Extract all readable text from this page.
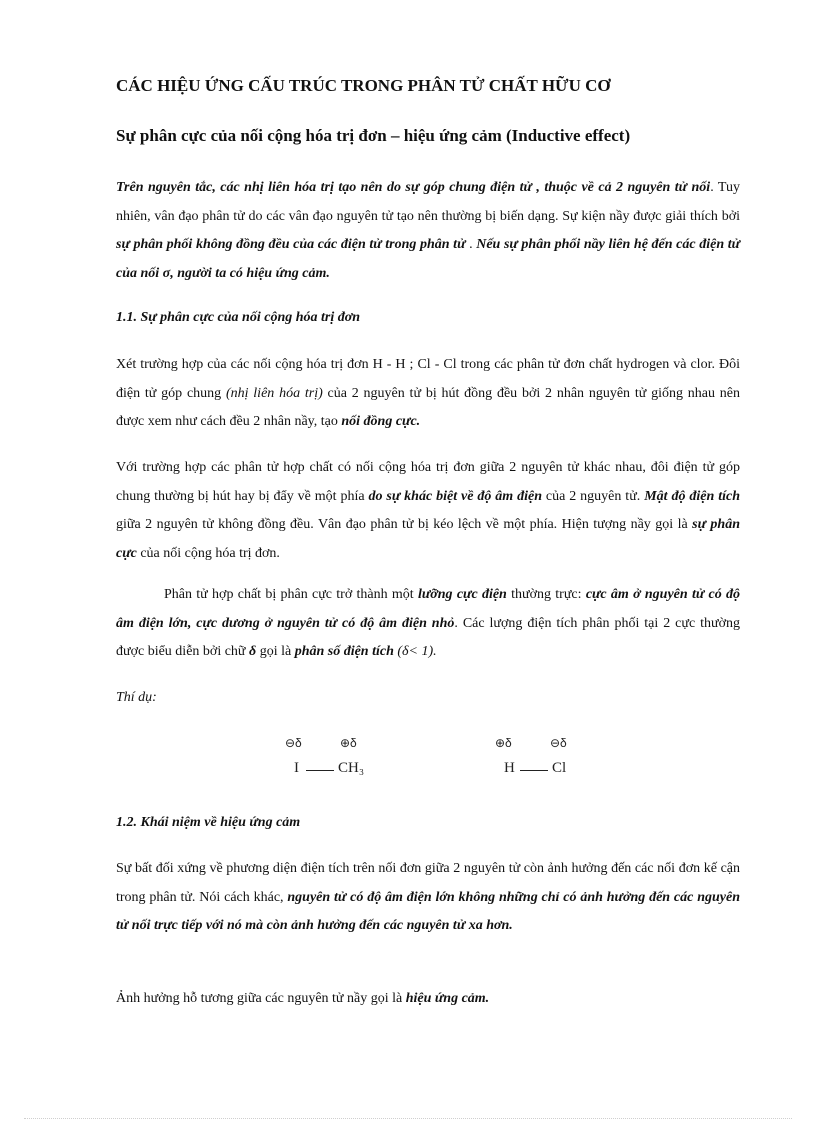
CÁC HIỆU ỨNG CẤU TRÚC TRONG PHÂN TỬ CHẤT HỮU CƠ
Sự phân cực của nối cộng hóa trị đơn – hiệu ứng cảm (Inductive effect)

Trên nguyên tắc, các nhị liên hóa trị tạo nên do sự góp chung điện tử , thuộc về cả 2 nguyên tử nối. Tuy nhiên, vân đạo phân tử do các vân đạo nguyên tử tạo nên thường bị biến dạng. Sự kiện nầy được giải thích bởi sự phân phối không đồng đều của các điện tử trong phân tử . Nếu sự phân phối nầy liên hệ đến các điện tử của nối σ, người ta có hiệu ứng cảm.

1.1. Sự phân cực của nối cộng hóa trị đơn

Xét trường hợp của các nối cộng hóa trị đơn H - H ; Cl - Cl trong các phân tử đơn chất hydrogen và clor. Đôi điện tử góp chung (nhị liên hóa trị) của 2 nguyên tử bị hút đồng đều bởi 2 nhân nguyên tử giống nhau nên được xem như cách đều 2 nhân nầy, tạo nối đồng cực.

Với trường hợp các phân tử hợp chất có nối cộng hóa trị đơn giữa 2 nguyên tử khác nhau, đôi điện tử góp chung thường bị hút hay bị đẩy về một phía do sự khác biệt về độ âm điện của 2 nguyên tử. Mật độ điện tích giữa 2 nguyên tử không đồng đều. Vân đạo phân tử bị kéo lệch về một phía. Hiện tượng nầy gọi là sự phân cực của nối cộng hóa trị đơn.

Phân tử hợp chất bị phân cực trở thành một lưỡng cực điện thường trực: cực âm ở nguyên tử có độ âm điện lớn, cực dương ở nguyên tử có độ âm điện nhỏ. Các lượng điện tích phân phối tại 2 cực thường được biểu diễn bởi chữ δ gọi là phân số điện tích (δ< 1).

Thí dụ:
⊖δ	⊕δ
I	CH₃
⊕δ	⊖δ
H Cl
1.2. Khái niệm về hiệu ứng cảm

Sự bất đối xứng về phương diện điện tích trên nối đơn giữa 2 nguyên tử còn ảnh hưởng đến các nối đơn kế cận trong phân tử. Nói cách khác, nguyên tử có độ âm điện lớn không những chỉ có ảnh hưởng đến các nguyên tử nối trực tiếp với nó mà còn ảnh hưởng đến các nguyên tử xa hơn.

Ảnh hưởng hỗ tương giữa các nguyên tử nầy gọi là hiệu ứng cảm.
